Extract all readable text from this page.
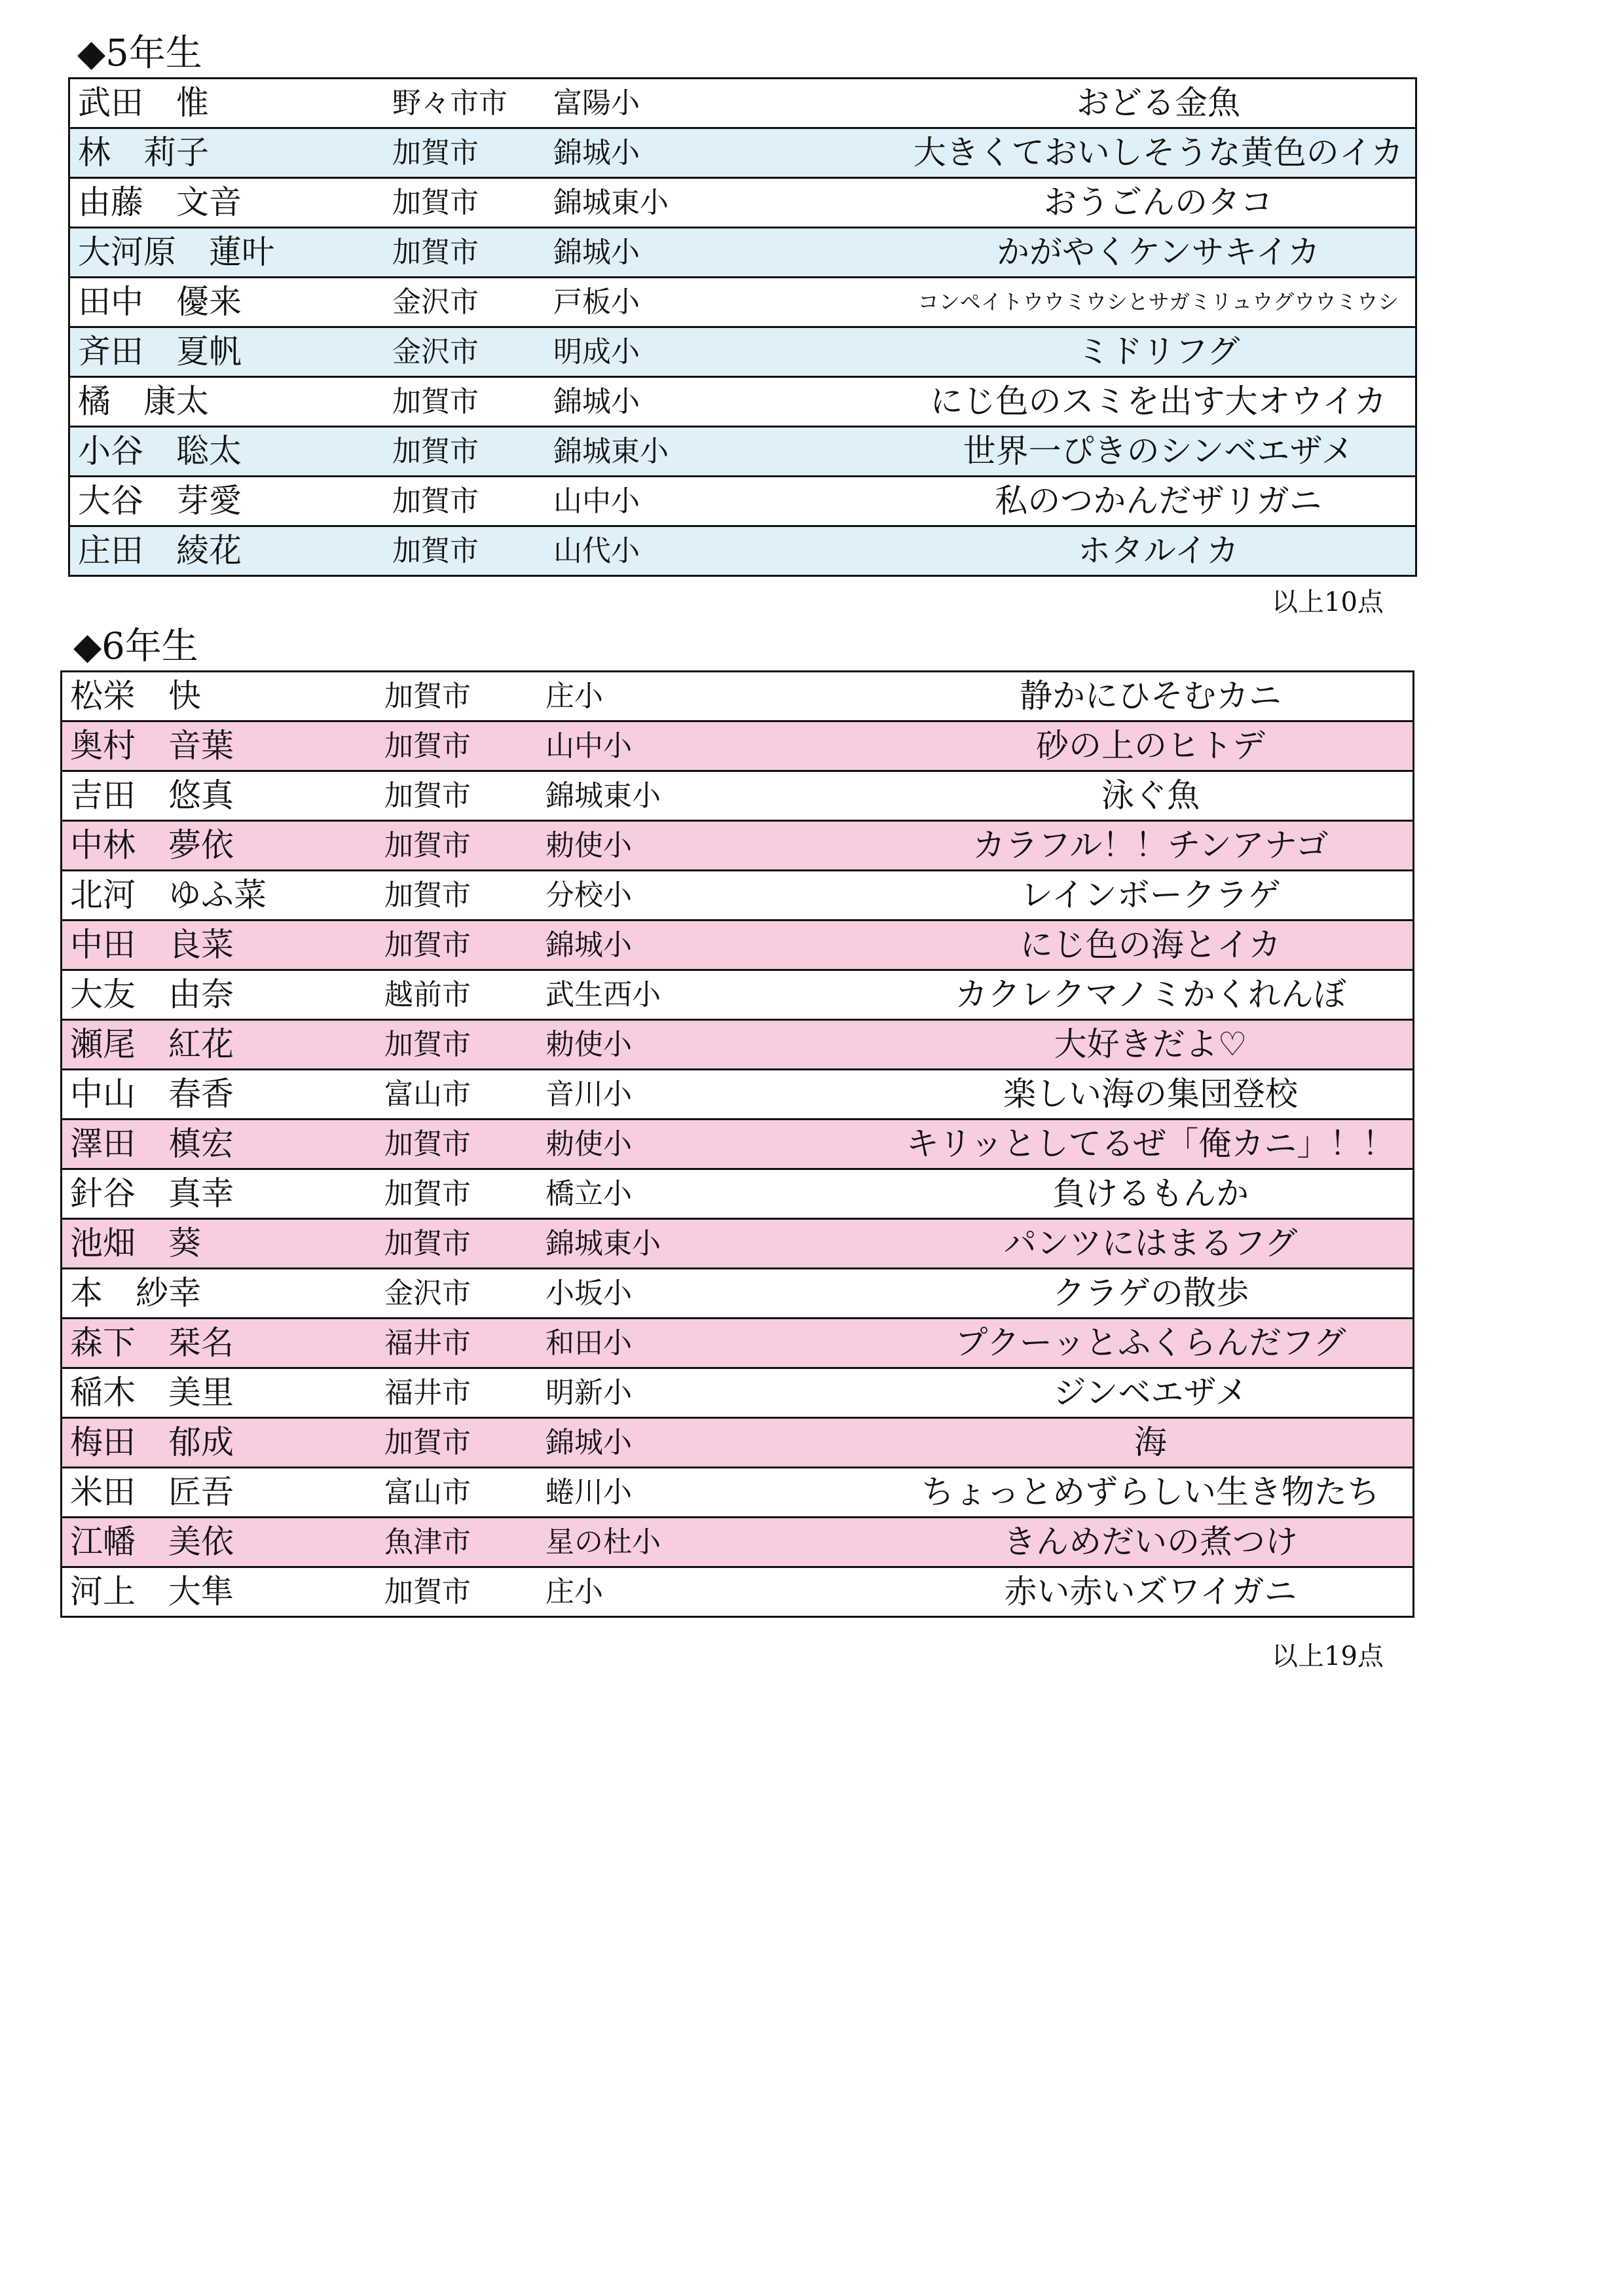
◆5年生
武田　惟	野々市市 富陽小	おどる金魚
林　莉子	加賀市	錦城小	大きくておいしそうな黄色のイカ
由藤　文音	加賀市	錦城東小	おうごんのタコ
大河原　蓮叶	加賀市	錦城小	かがやくケンサキイカ
田中　優来	金沢市	戸板小	コンペイトウウミウシとサガミリュウグウウミウシ
斉田　夏帆	金沢市	明成小	ミドリフグ
橘　康太	加賀市	錦城小	にじ色のスミを出す大オウイカ
小谷　聡太	加賀市	錦城東小	世界一ぴきのシンベエザメ
大谷　芽愛	加賀市	山中小	私のつかんだザリガニ
庄田　綾花	加賀市	山代小	ホタルイカ
以上10点
◆6年生
松栄　快	加賀市	庄小	静かにひそむカニ
奥村　音葉	加賀市	山中小	砂の上のヒトデ
吉田　悠真	加賀市	錦城東小	泳ぐ魚
中林　夢依	加賀市	勅使小	カラフル！！チンアナゴ
北河　ゆふ菜	加賀市	分校小	レインボークラゲ
中田　良菜	加賀市	錦城小	にじ色の海とイカ
大友　由奈	越前市	武生西小	カクレクマノミかくれんぼ
瀬尾　紅花	加賀市	勅使小	大好きだよ♡
中山　春香	富山市	音川小	楽しい海の集団登校
澤田　槙宏	加賀市	勅使小	キリッとしてるぜ「俺カニ」！！
針谷　真幸	加賀市	橋立小	負けるもんか
池畑　葵	加賀市	錦城東小	パンツにはまるフグ
本　紗幸	金沢市	小坂小	クラゲの散歩
森下　栞名	福井市	和田小	プクーッとふくらんだフグ
稲木　美里	福井市	明新小	ジンベエザメ
梅田　郁成	加賀市	錦城小	海
米田　匠吾	富山市	蜷川小	ちょっとめずらしい生き物たち
江幡　美依	魚津市	星の杜小	きんめだいの煮つけ
河上　大隼	加賀市	庄小	赤い赤いズワイガニ
以上19点
